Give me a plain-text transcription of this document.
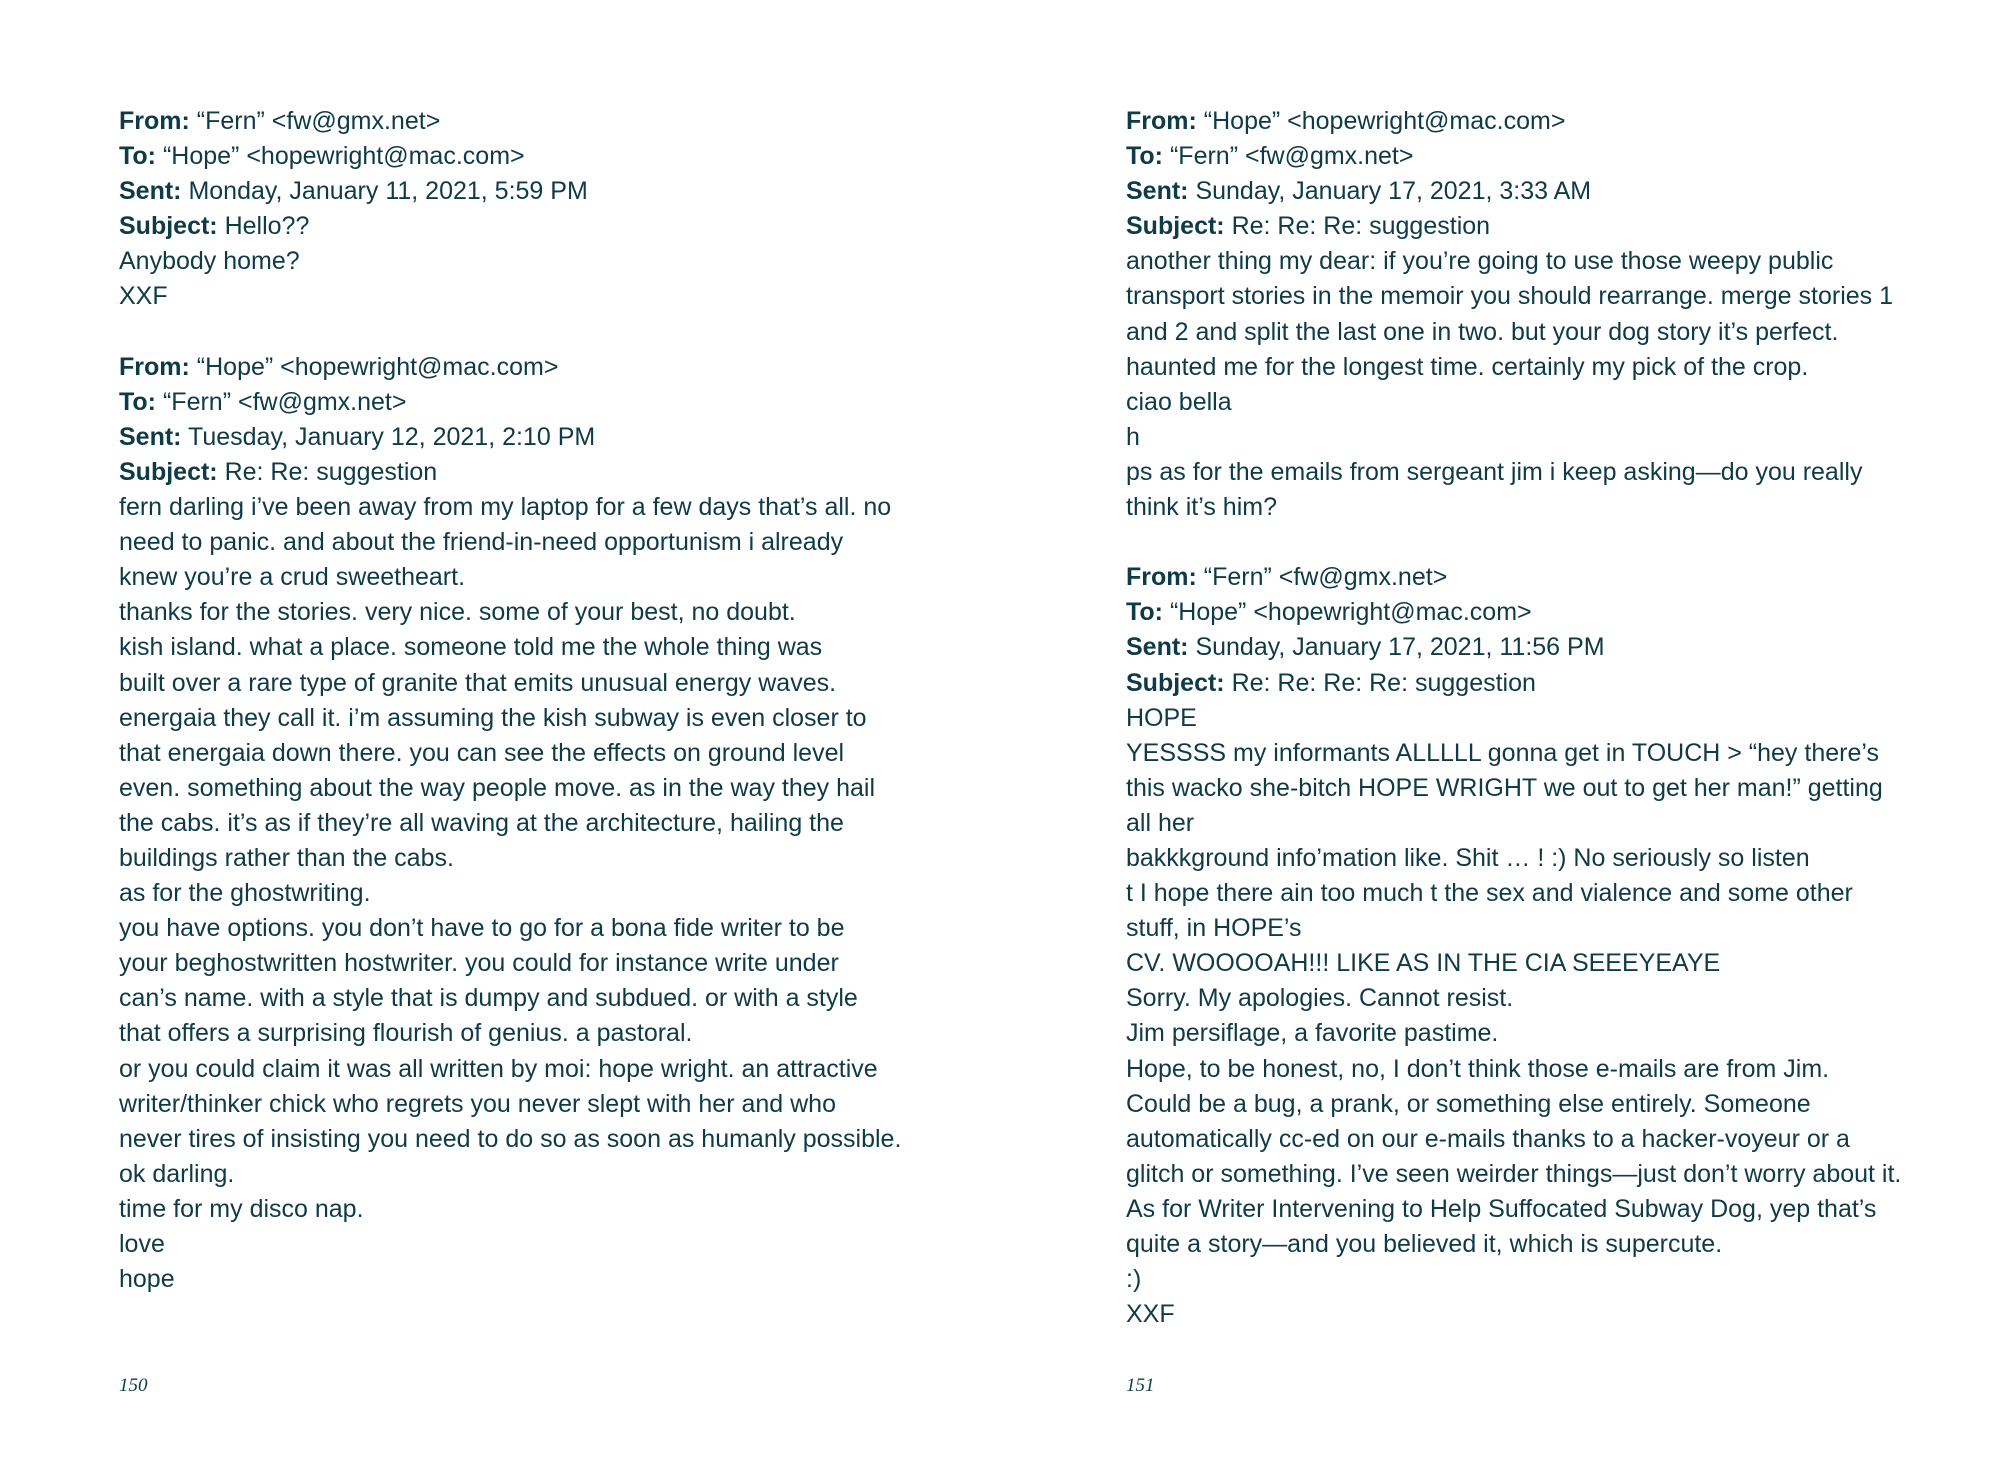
From: “Fern” <fw@gmx.net>
To: “Hope” <hopewright@mac.com>
Sent: Monday, January 11, 2021, 5:59 PM
Subject: Hello??
Anybody home?
XXF
From: “Hope” <hopewright@mac.com>
To: “Fern” <fw@gmx.net>
Sent: Tuesday, January 12, 2021, 2:10 PM
Subject: Re: Re: suggestion
fern darling i’ve been away from my laptop for a few days that’s all. no
need to panic. and about the friend-in-need opportunism i already
knew you’re a crud sweetheart.
thanks for the stories. very nice. some of your best, no doubt.
kish island. what a place. someone told me the whole thing was
built over a rare type of granite that emits unusual energy waves.
energaia they call it. i’m assuming the kish subway is even closer to
that energaia down there. you can see the effects on ground level
even. something about the way people move. as in the way they hail
the cabs. it’s as if they’re all waving at the architecture, hailing the
buildings rather than the cabs.
as for the ghostwriting.
you have options. you don’t have to go for a bona fide writer to be
your beghostwritten hostwriter. you could for instance write under
can’s name. with a style that is dumpy and subdued. or with a style
that offers a surprising flourish of genius. a pastoral.
or you could claim it was all written by moi: hope wright. an attractive
writer/thinker chick who regrets you never slept with her and who
never tires of insisting you need to do so as soon as humanly possible.
ok darling.
time for my disco nap.
love
hope
150
From: “Hope” <hopewright@mac.com>
To: “Fern” <fw@gmx.net>
Sent: Sunday, January 17, 2021, 3:33 AM
Subject: Re: Re: Re: suggestion
another thing my dear: if you’re going to use those weepy public
transport stories in the memoir you should rearrange. merge stories 1
and 2 and split the last one in two. but your dog story it’s perfect.
haunted me for the longest time. certainly my pick of the crop.
ciao bella
h
ps as for the emails from sergeant jim i keep asking—do you really
think it’s him?
From: “Fern” <fw@gmx.net>
To: “Hope” <hopewright@mac.com>
Sent: Sunday, January 17, 2021, 11:56 PM
Subject: Re: Re: Re: Re: suggestion
HOPE
YESSSS my informants ALLLLL gonna get in TOUCH > “hey there’s
this wacko she-bitch HOPE WRIGHT we out to get her man!” getting
all her
bakkkground info’mation like. Shit … ! :) No seriously so listen
t I hope there ain too much t the sex and vialence and some other
stuff, in HOPE’s
CV. WOOOOAH!!! LIKE AS IN THE CIA SEEEYEAYE
Sorry. My apologies. Cannot resist.
Jim persiflage, a favorite pastime.
Hope, to be honest, no, I don’t think those e-mails are from Jim.
Could be a bug, a prank, or something else entirely. Someone
automatically cc-ed on our e-mails thanks to a hacker-voyeur or a
glitch or something. I’ve seen weirder things—just don’t worry about it.
As for Writer Intervening to Help Suffocated Subway Dog, yep that’s
quite a story—and you believed it, which is supercute.
:)
XXF
151
